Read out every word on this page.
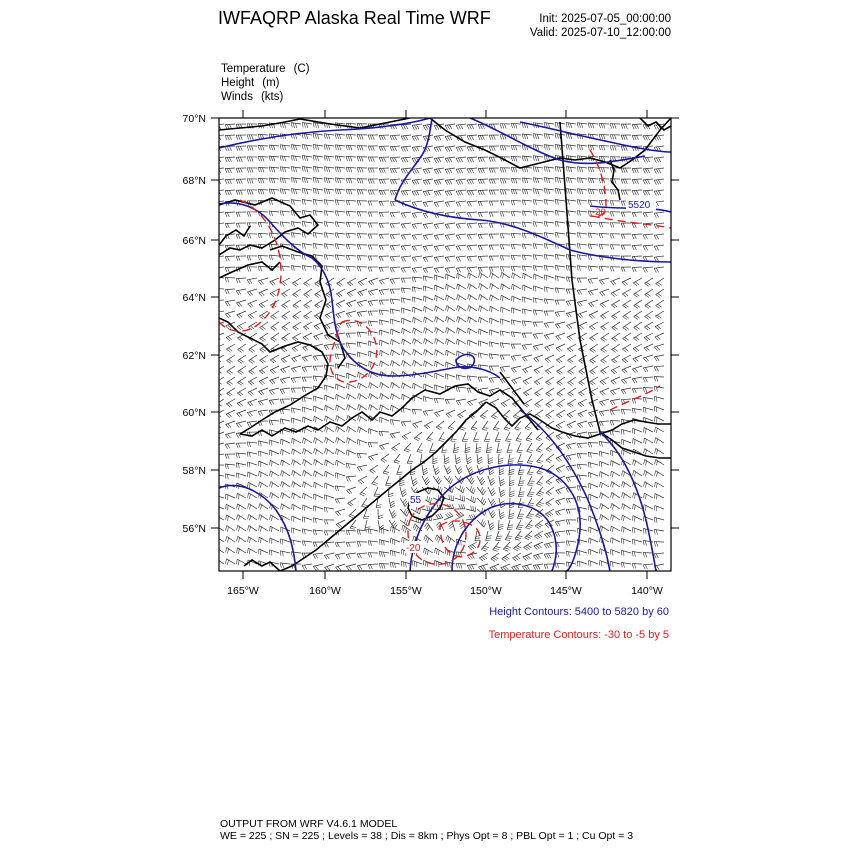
IWFAQRP Alaska Real Time WRF	Init: 2025-07-05_00:00:00
Valid: 2025-07-10_12:00:00
Temperature (C)
Height (m)
Winds (kts)
5520
55
-20
-20
70°N
68°N
66°N
64°N
62°N
60°N
58°N
56°N
165°W	160°W	155°W	150°W	145°W	140°W
Height Contours: 5400 to 5820 by 60
Temperature Contours: -30 to -5 by 5
OUTPUT FROM WRF V4.6.1 MODEL
WE = 225 ; SN = 225 ; Levels = 38 ; Dis = 8km ; Phys Opt = 8 ; PBL Opt = 1 ; Cu Opt = 3
